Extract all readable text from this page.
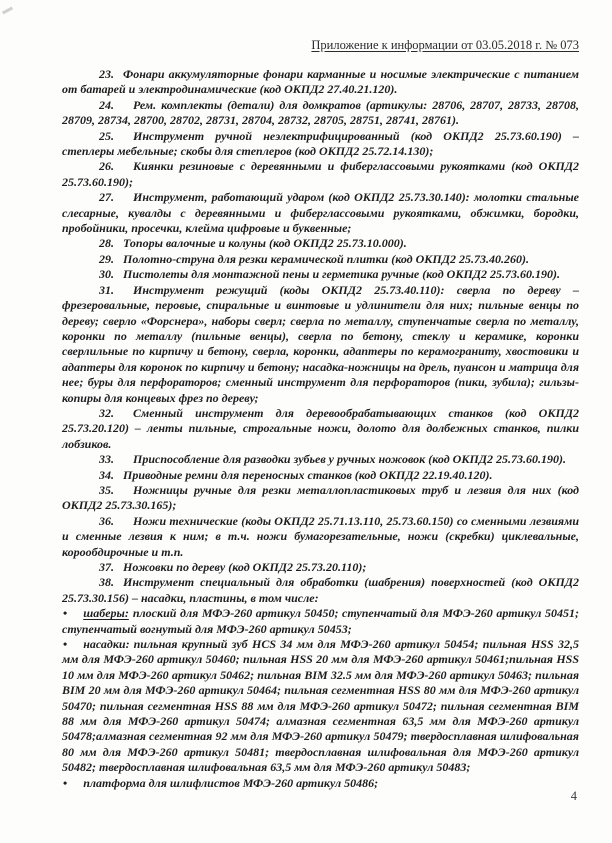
Приложение к информации от 03.05.2018 г. № 073

23. Фонари аккумуляторные фонари карманные и носимые электрические с питанием от батарей и электродинамические (код ОКПД2 27.40.21.120).

24. Рем. комплекты (детали) для домкратов (артикулы: 28706, 28707, 28733, 28708, 28709, 28734, 28700, 28702, 28731, 28704, 28732, 28705, 28751, 28741, 28761).

25. Инструмент ручной неэлектрифицированный (код ОКПД2 25.73.60.190) – степлеры мебельные; скобы для степлеров (код ОКПД2 25.72.14.130);

26. Киянки резиновые с деревянными и фиберглассовыми рукоятками (код ОКПД2 25.73.60.190);

27. Инструмент, работающий ударом (код ОКПД2 25.73.30.140): молотки стальные слесарные, кувалды с деревянными и фиберглассовыми рукоятками, обжимки, бородки, пробойники, просечки, клейма цифровые и буквенные;

28. Топоры валочные и колуны (код ОКПД2 25.73.10.000).

29. Полотно-струна для резки керамической плитки (код ОКПД2 25.73.40.260).

30. Пистолеты для монтажной пены и герметика ручные (код ОКПД2 25.73.60.190).

31. Инструмент режущий (коды ОКПД2 25.73.40.110): сверла по дереву – фрезеровальные, перовые, спиральные и винтовые и удлинители для них; пильные венцы по дереву; сверло «Форснера», наборы сверл; сверла по металлу, ступенчатые сверла по металлу, коронки по металлу (пильные венцы), сверла по бетону, стеклу и керамике, коронки сверлильные по кирпичу и бетону, сверла, коронки, адаптеры по керамограниту, хвостовики и адаптеры для коронок по кирпичу и бетону; насадка-ножницы на дрель, пуансон и матрица для нее; буры для перфораторов; сменный инструмент для перфораторов (пики, зубила); гильзы-копиры для концевых фрез по дереву;

32. Сменный инструмент для деревообрабатывающих станков (код ОКПД2 25.73.20.120) – ленты пильные, строгальные ножи, долото для долбежных станков, пилки лобзиков.

33. Приспособление для разводки зубьев у ручных ножовок (код ОКПД2 25.73.60.190).

34. Приводные ремни для переносных станков (код ОКПД2 22.19.40.120).

35. Ножницы ручные для резки металлопластиковых труб и лезвия для них (код ОКПД2 25.73.30.165);

36. Ножи технические (коды ОКПД2 25.71.13.110, 25.73.60.150) со сменными лезвиями и сменные лезвия к ним; в т.ч. ножи бумагорезательные, ножи (скребки) циклевальные, корообдирочные и т.п.

37. Ножовки по дереву (код ОКПД2 25.73.20.110);

38. Инструмент специальный для обработки (шабрения) поверхностей (код ОКПД2 25.73.30.156) – насадки, пластины, в том числе:

• шаберы: плоский для МФЭ-260 артикул 50450; ступенчатый для МФЭ-260 артикул 50451; ступенчатый вогнутый для МФЭ-260 артикул 50453;

• насадки: пильная крупный зуб HCS 34 мм для МФЭ-260 артикул 50454; пильная HSS 32,5 мм для МФЭ-260 артикул 50460; пильная HSS 20 мм для МФЭ-260 артикул 50461;пильная HSS 10 мм для МФЭ-260 артикул 50462; пильная BIM 32.5 мм для МФЭ-260 артикул 50463; пильная BIM 20 мм для МФЭ-260 артикул 50464; пильная сегментная HSS 80 мм для МФЭ-260 артикул 50470; пильная сегментная HSS 88 мм для МФЭ-260 артикул 50472; пильная сегментная BIM 88 мм для МФЭ-260 артикул 50474; алмазная сегментная 63,5 мм для МФЭ-260 артикул 50478;алмазная сегментная 92 мм для МФЭ-260 артикул 50479; твердосплавная шлифовальная 80 мм для МФЭ-260 артикул 50481; твердосплавная шлифовальная для МФЭ-260 артикул 50482; твердосплавная шлифовальная 63,5 мм для МФЭ-260 артикул 50483;

• платформа для шлифлистов МФЭ-260 артикул 50486;

4
